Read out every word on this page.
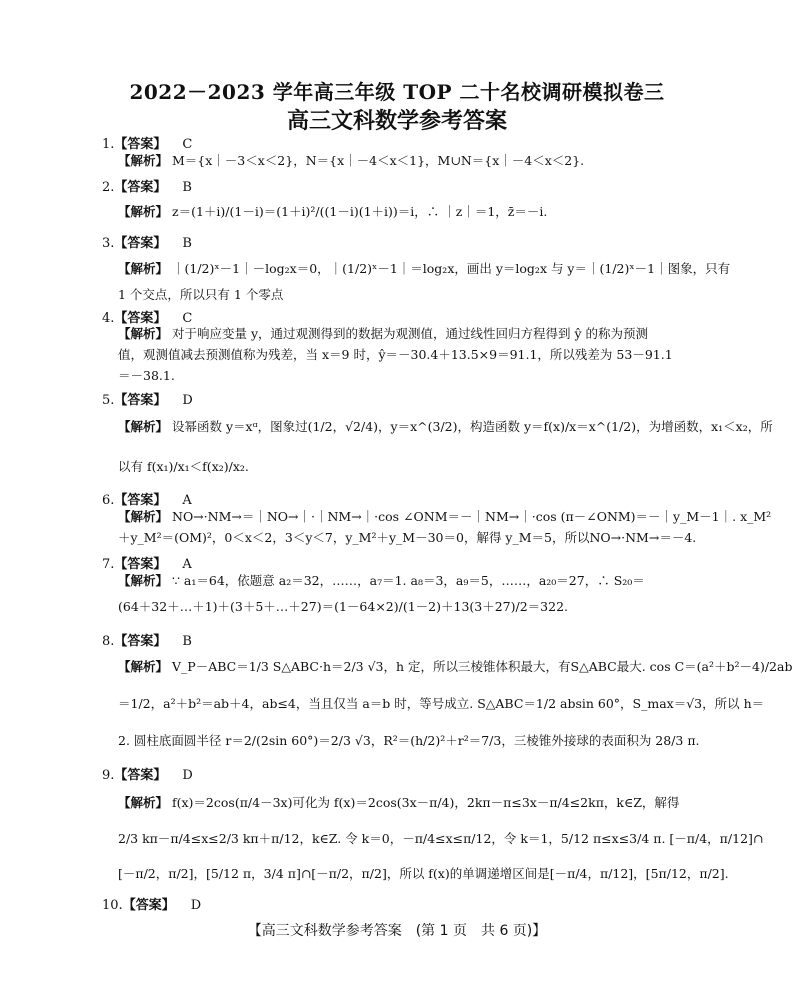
2022－2023 学年高三年级 TOP 二十名校调研模拟卷三
高三文科数学参考答案
1.【答案】 C
【解析】 M＝{x｜－3＜x＜2}，N＝{x｜－4＜x＜1}，M∪N＝{x｜－4＜x＜2}.
2.【答案】 B
【解析】 z＝(1＋i)/(1－i)＝(1＋i)²/((1－i)(1＋i))＝i，∴ ｜z｜＝1，z̄＝－i.
3.【答案】 B
【解析】 ｜(1/2)ˣ－1｜－log₂x＝0，｜(1/2)ˣ－1｜＝log₂x，画出 y＝log₂x 与 y＝｜(1/2)ˣ－1｜图象，只有
1 个交点，所以只有 1 个零点
4.【答案】 C
【解析】 对于响应变量 y，通过观测得到的数据为观测值，通过线性回归方程得到 ŷ 的称为预测
值，观测值减去预测值称为残差，当 x＝9 时，ŷ＝－30.4＋13.5×9＝91.1，所以残差为 53－91.1
＝－38.1.
5.【答案】 D
【解析】 设幂函数 y＝xᵅ，图象过(1/2，√2/4)，y＝x^(3/2)，构造函数 y＝f(x)/x＝x^(1/2)，为增函数，x₁＜x₂，所
以有 f(x₁)/x₁＜f(x₂)/x₂.
6.【答案】 A
【解析】 NO→·NM→＝｜NO→｜·｜NM→｜·cos ∠ONM＝－｜NM→｜·cos (π－∠ONM)＝－｜y_M－1｜. x_M²
＋y_M²＝(OM)²，0＜x＜2，3＜y＜7，y_M²＋y_M－30＝0，解得 y_M＝5，所以NO→·NM→＝－4.
7.【答案】 A
【解析】 ∵ a₁＝64，依题意 a₂＝32，……，a₇＝1. a₈＝3，a₉＝5，……，a₂₀＝27，∴ S₂₀＝
(64＋32＋…＋1)＋(3＋5＋…＋27)＝(1－64×2)/(1－2)＋13(3＋27)/2＝322.
8.【答案】 B
【解析】 V_P－ABC＝1/3 S△ABC·h＝2/3 √3，h 定，所以三棱锥体积最大，有S△ABC最大. cos C＝(a²＋b²－4)/2ab
＝1/2，a²＋b²＝ab＋4，ab≤4，当且仅当 a＝b 时，等号成立. S△ABC＝1/2 absin 60°，S_max＝√3，所以 h＝
2. 圆柱底面圆半径 r＝2/(2sin 60°)＝2/3 √3，R²＝(h/2)²＋r²＝7/3，三棱锥外接球的表面积为 28/3 π.
9.【答案】 D
【解析】 f(x)＝2cos(π/4－3x)可化为 f(x)＝2cos(3x－π/4)，2kπ－π≤3x－π/4≤2kπ，k∈Z，解得
2/3 kπ－π/4≤x≤2/3 kπ＋π/12，k∈Z. 令 k＝0，－π/4≤x≤π/12，令 k＝1，5/12 π≤x≤3/4 π. [－π/4，π/12]∩
[－π/2，π/2]，[5/12 π，3/4 π]∩[－π/2，π/2]，所以 f(x)的单调递增区间是[－π/4，π/12]，[5π/12，π/2].
10.【答案】 D
【高三文科数学参考答案　(第 1 页　共 6 页)】
